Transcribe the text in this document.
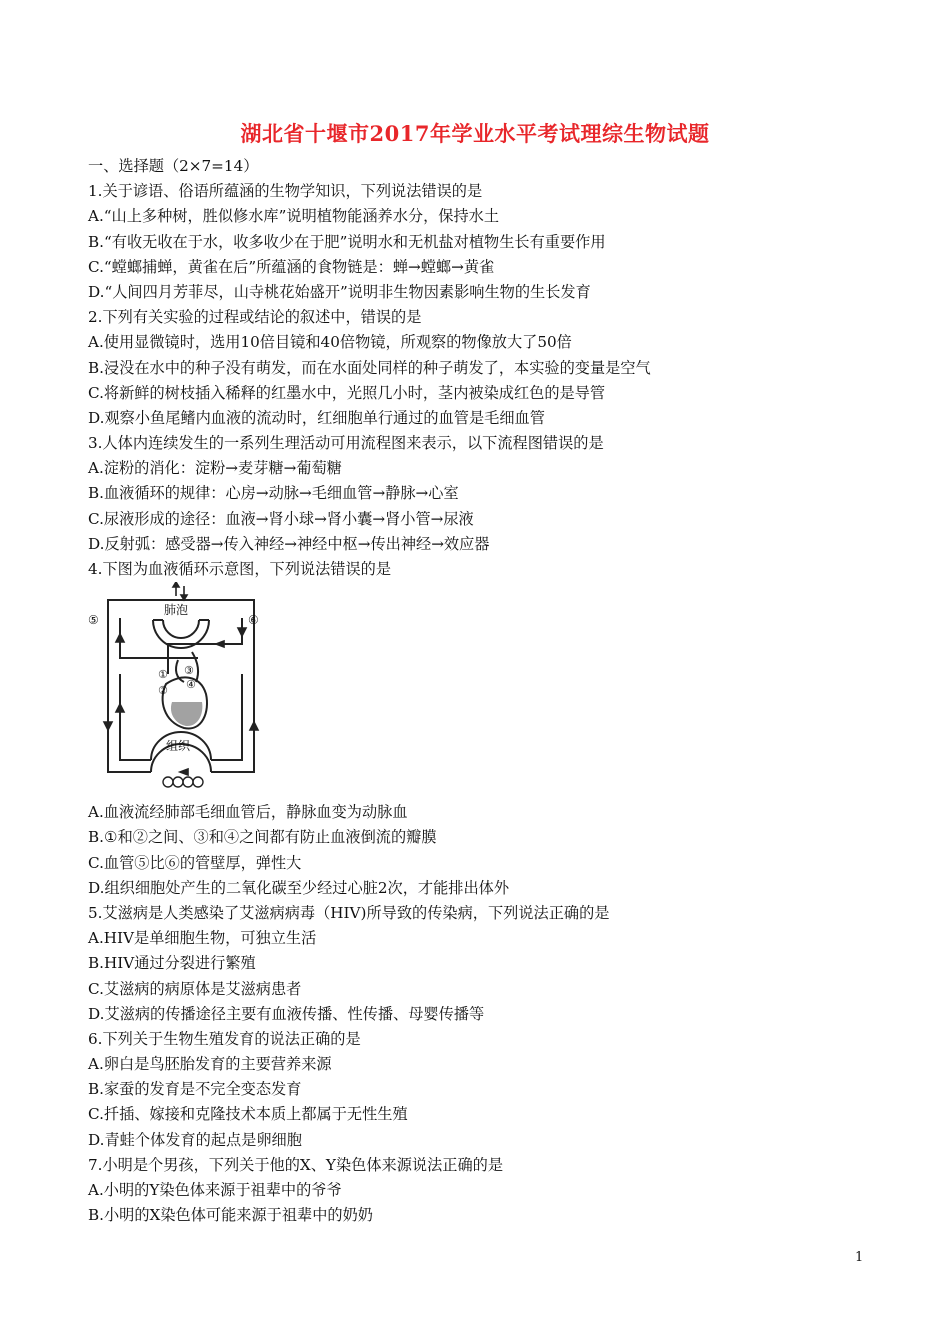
湖北省十堰市2017年学业水平考试理综生物试题
一、选择题（2×7=14）
1.关于谚语、俗语所蕴涵的生物学知识，下列说法错误的是
A.“山上多种树，胜似修水库”说明植物能涵养水分，保持水土
B.“有收无收在于水，收多收少在于肥”说明水和无机盐对植物生长有重要作用
C.“螳螂捕蝉，黄雀在后”所蕴涵的食物链是：蝉→螳螂→黄雀
D.“人间四月芳菲尽，山寺桃花始盛开”说明非生物因素影响生物的生长发育
2.下列有关实验的过程或结论的叙述中，错误的是
A.使用显微镜时，选用10倍目镜和40倍物镜，所观察的物像放大了50倍
B.浸没在水中的种子没有萌发，而在水面处同样的种子萌发了，本实验的变量是空气
C.将新鲜的树枝插入稀释的红墨水中，光照几小时，茎内被染成红色的是导管
D.观察小鱼尾鳍内血液的流动时，红细胞单行通过的血管是毛细血管
3.人体内连续发生的一系列生理活动可用流程图来表示，以下流程图错误的是
A.淀粉的消化：淀粉→麦芽糖→葡萄糖
B.血液循环的规律：心房→动脉→毛细血管→静脉→心室
C.尿液形成的途径：血液→肾小球→肾小囊→肾小管→尿液
D.反射弧：感受器→传入神经→神经中枢→传出神经→效应器
4.下图为血液循环示意图，下列说法错误的是
肺泡
组织
①
②
③
④
⑤	⑥
A.血液流经肺部毛细血管后，静脉血变为动脉血
B.①和②之间、③和④之间都有防止血液倒流的瓣膜
C.血管⑤比⑥的管壁厚，弹性大
D.组织细胞处产生的二氧化碳至少经过心脏2次，才能排出体外
5.艾滋病是人类感染了艾滋病病毒（HIV)所导致的传染病，下列说法正确的是
A.HIV是单细胞生物，可独立生活
B.HIV通过分裂进行繁殖
C.艾滋病的病原体是艾滋病患者
D.艾滋病的传播途径主要有血液传播、性传播、母婴传播等
6.下列关于生物生殖发育的说法正确的是
A.卵白是鸟胚胎发育的主要营养来源
B.家蚕的发育是不完全变态发育
C.扦插、嫁接和克隆技术本质上都属于无性生殖
D.青蛙个体发育的起点是卵细胞
7.小明是个男孩，下列关于他的X、Y染色体来源说法正确的是
A.小明的Y染色体来源于祖辈中的爷爷
B.小明的X染色体可能来源于祖辈中的奶奶
1
